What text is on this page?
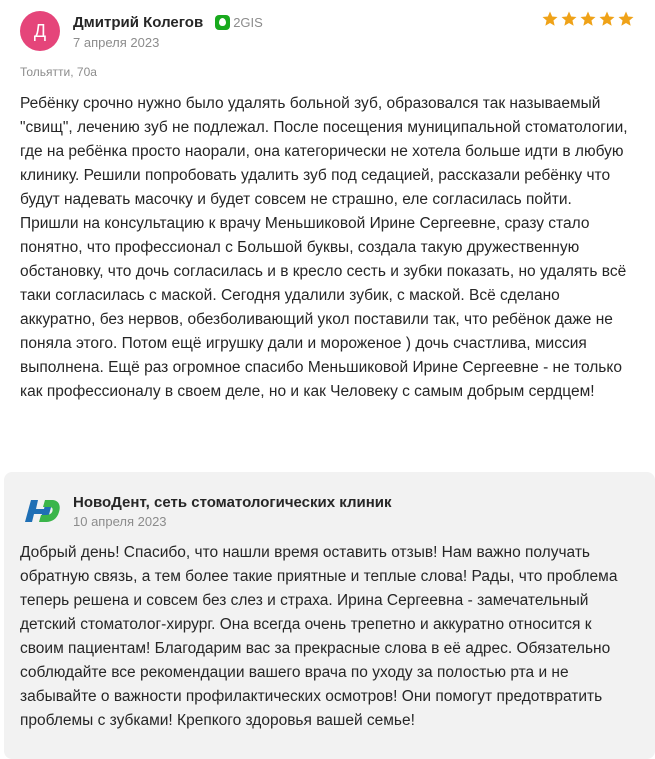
Д	Дмитрий Колегов 2GIS
7 апреля 2023
Тольятти, 70а
Ребёнку срочно нужно было удалять больной зуб, образовался так называемый "свищ", лечению зуб не подлежал. После посещения муниципальной стоматологии, где на ребёнка просто наорали, она категорически не хотела больше идти в любую клинику. Решили попробовать удалить зуб под седацией, рассказали ребёнку что будут надевать масочку и будет совсем не страшно, еле согласилась пойти. Пришли на консультацию к врачу Меньшиковой Ирине Сергеевне, сразу стало понятно, что профессионал с Большой буквы, создала такую дружественную обстановку, что дочь согласилась и в кресло сесть и зубки показать, но удалять всё таки согласилась с маской. Сегодня удалили зубик, с маской. Всё сделано аккуратно, без нервов, обезболивающий укол поставили так, что ребёнок даже не поняла этого. Потом ещё игрушку дали и мороженое ) дочь счастлива, миссия выполнена. Ещё раз огромное спасибо Меньшиковой Ирине Сергеевне - не только как профессионалу в своем деле, но и как Человеку с самым добрым сердцем!
НовоДент, сеть стоматологических клиник
10 апреля 2023
Добрый день! Спасибо, что нашли время оставить отзыв! Нам важно получать обратную связь, а тем более такие приятные и теплые слова! Рады, что проблема теперь решена и совсем без слез и страха. Ирина Сергеевна - замечательный детский стоматолог-хирург. Она всегда очень трепетно и аккуратно относится к своим пациентам! Благодарим вас за прекрасные слова в её адрес. Обязательно соблюдайте все рекомендации вашего врача по уходу за полостью рта и не забывайте о важности профилактических осмотров! Они помогут предотвратить проблемы с зубками! Крепкого здоровья вашей семье!
